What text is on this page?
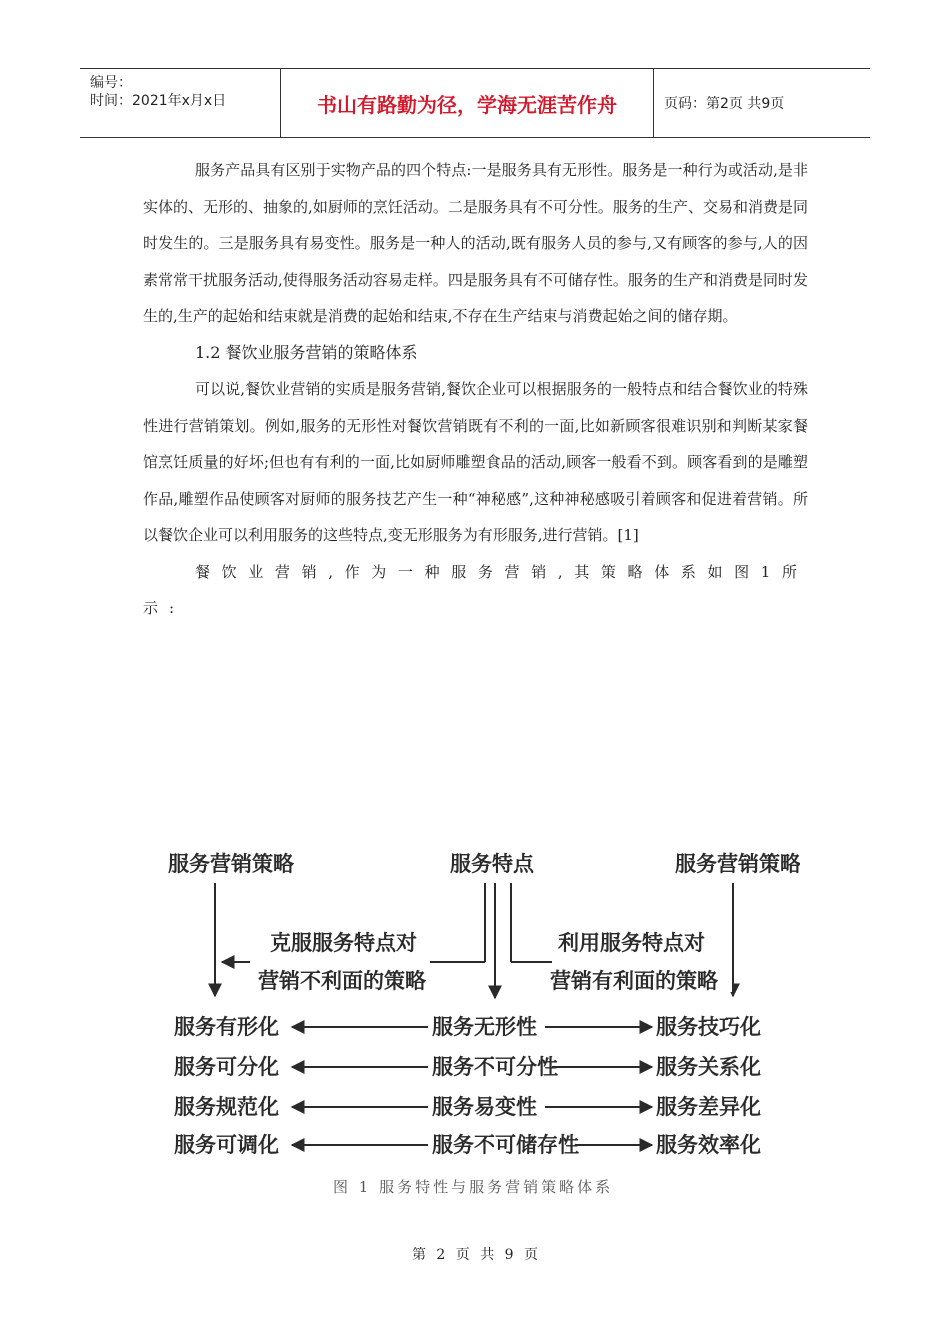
编号：
时间：2021年x月x日	书山有路勤为径，学海无涯苦作舟	页码：第2页 共9页

服务产品具有区别于实物产品的四个特点:一是服务具有无形性。服务是一种行为或活动,是非实体的、无形的、抽象的,如厨师的烹饪活动。二是服务具有不可分性。服务的生产、交易和消费是同时发生的。三是服务具有易变性。服务是一种人的活动,既有服务人员的参与,又有顾客的参与,人的因素常常干扰服务活动,使得服务活动容易走样。四是服务具有不可储存性。服务的生产和消费是同时发生的,生产的起始和结束就是消费的起始和结束,不存在生产结束与消费起始之间的储存期。

1.2 餐饮业服务营销的策略体系

可以说,餐饮业营销的实质是服务营销,餐饮企业可以根据服务的一般特点和结合餐饮业的特殊性进行营销策划。例如,服务的无形性对餐饮营销既有不利的一面,比如新顾客很难识别和判断某家餐馆烹饪质量的好坏;但也有有利的一面,比如厨师雕塑食品的活动,顾客一般看不到。顾客看到的是雕塑作品,雕塑作品使顾客对厨师的服务技艺产生一种“神秘感”,这种神秘感吸引着顾客和促进着营销。所以餐饮企业可以利用服务的这些特点,变无形服务为有形服务,进行营销。[1]

餐饮业营销,作为一种服务营销,其策略体系如图1所示:

服务营销策略	服务特点	服务营销策略
克服服务特点对
营销不利面的策略
利用服务特点对
营销有利面的策略
服务有形化	服务无形性	服务技巧化
服务可分化	服务不可分性	服务关系化
服务规范化	服务易变性	服务差异化
服务可调化	服务不可储存性	服务效率化
图 1 服务特性与服务营销策略体系
第 2 页 共 9 页
